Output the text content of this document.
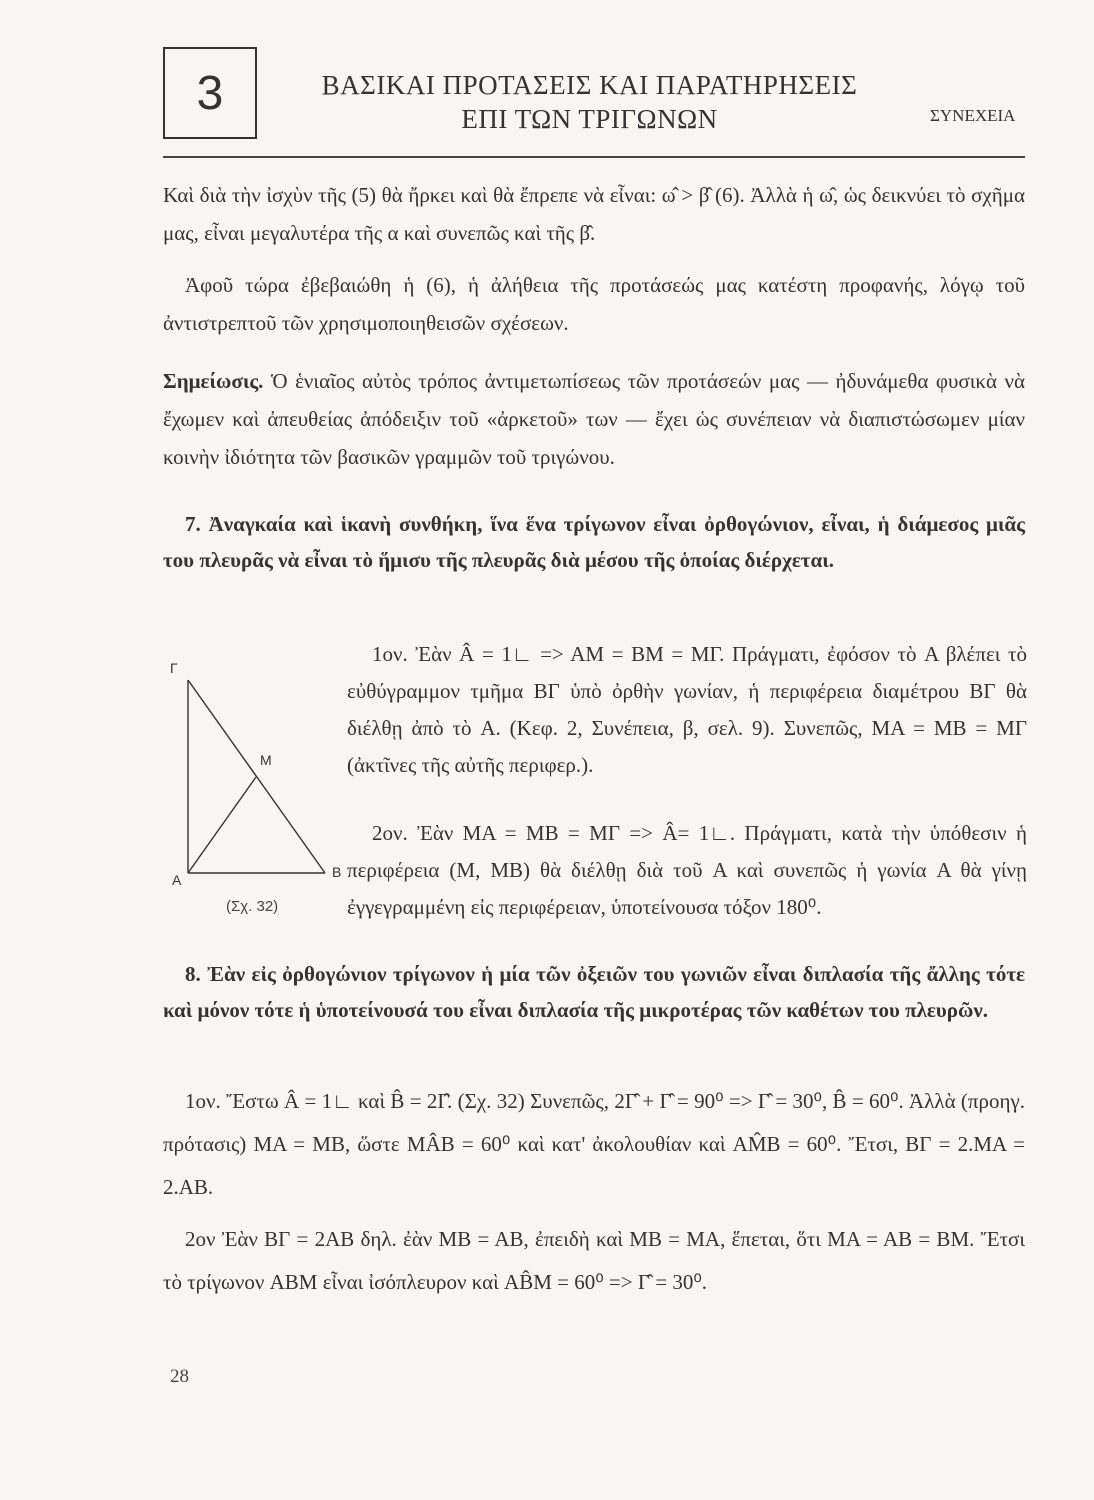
3	ΒΑΣΙΚΑΙ ΠΡΟΤΑΣΕΙΣ ΚΑΙ ΠΑΡΑΤΗΡΗΣΕΙΣ
ΕΠΙ ΤΩΝ ΤΡΙΓΩΝΩΝ	ΣΥΝΕΧΕΙΑ

Καὶ διὰ τὴν ἰσχὺν τῆς (5) θὰ ἤρκει καὶ θὰ ἔπρεπε νὰ εἶναι: ω̂ > β̂ (6). Ἀλλὰ ἡ ω̂, ὡς δεικνύει τὸ σχῆμα μας, εἶναι μεγαλυτέρα τῆς α καὶ συνεπῶς καὶ τῆς β̂.

Ἀφοῦ τώρα ἐβεβαιώθη ἡ (6), ἡ ἀλήθεια τῆς προτάσεώς μας κατέστη προφανής, λόγῳ τοῦ ἀντιστρεπτοῦ τῶν χρησιμοποιηθεισῶν σχέσεων.

Σημείωσις. Ὁ ἑνιαῖος αὐτὸς τρόπος ἀντιμετωπίσεως τῶν προτάσεών μας — ἠδυνάμεθα φυσικὰ νὰ ἔχωμεν καὶ ἀπευθείας ἀπόδειξιν τοῦ «ἀρκετοῦ» των — ἔχει ὡς συνέπειαν νὰ διαπιστώσωμεν μίαν κοινὴν ἰδιότητα τῶν βασικῶν γραμμῶν τοῦ τριγώνου.

7. Ἀναγκαία καὶ ἱκανὴ συνθήκη, ἵνα ἕνα τρίγωνον εἶναι ὀρθογώνιον, εἶναι, ἡ διάμεσος μιᾶς του πλευρᾶς νὰ εἶναι τὸ ἥμισυ τῆς πλευρᾶς διὰ μέσου τῆς ὁποίας διέρχεται.

Γ
M
A	B
(Σχ. 32)

1ον. Ἐὰν Â = 1∟ => AM = BM = MΓ. Πράγματι, ἐφόσον τὸ A βλέπει τὸ εὐθύγραμμον τμῆμα BΓ ὑπὸ ὀρθὴν γωνίαν, ἡ περιφέρεια διαμέτρου BΓ θὰ διέλθῃ ἀπὸ τὸ A. (Κεφ. 2, Συνέπεια, β, σελ. 9). Συνεπῶς, MA = MB = MΓ (ἀκτῖνες τῆς αὐτῆς περιφερ.).

2ον. Ἐὰν MA = MB = MΓ => Â= 1∟. Πράγματι, κατὰ τὴν ὑπόθεσιν ἡ περιφέρεια (M, MB) θὰ διέλθῃ διὰ τοῦ A καὶ συνεπῶς ἡ γωνία A θὰ γίνῃ ἐγγεγραμμένη εἰς περιφέρειαν, ὑποτείνουσα τόξον 180⁰.

8. Ἐὰν εἰς ὀρθογώνιον τρίγωνον ἡ μία τῶν ὀξειῶν του γωνιῶν εἶναι διπλασία τῆς ἄλλης τότε καὶ μόνον τότε ἡ ὑποτείνουσά του εἶναι διπλασία τῆς μικροτέρας τῶν καθέτων του πλευρῶν.

1ον. Ἔστω Â = 1∟ καὶ B̂ = 2Γ̂. (Σχ. 32) Συνεπῶς, 2Γ̂ + Γ̂ = 90⁰ => Γ̂ = 30⁰, B̂ = 60⁰. Ἀλλὰ (προηγ. πρότασις) MA = MB, ὥστε MÂB = 60⁰ καὶ κατ' ἀκολουθίαν καὶ AM̂B = 60⁰. Ἔτσι, BΓ = 2.MA = 2.AB.

2ον Ἐὰν BΓ = 2AB δηλ. ἐὰν MB = AB, ἐπειδὴ καὶ MB = MA, ἕπεται, ὅτι MA = AB = BM. Ἔτσι τὸ τρίγωνον ABM εἶναι ἰσόπλευρον καὶ AB̂M = 60⁰ => Γ̂ = 30⁰.

28
